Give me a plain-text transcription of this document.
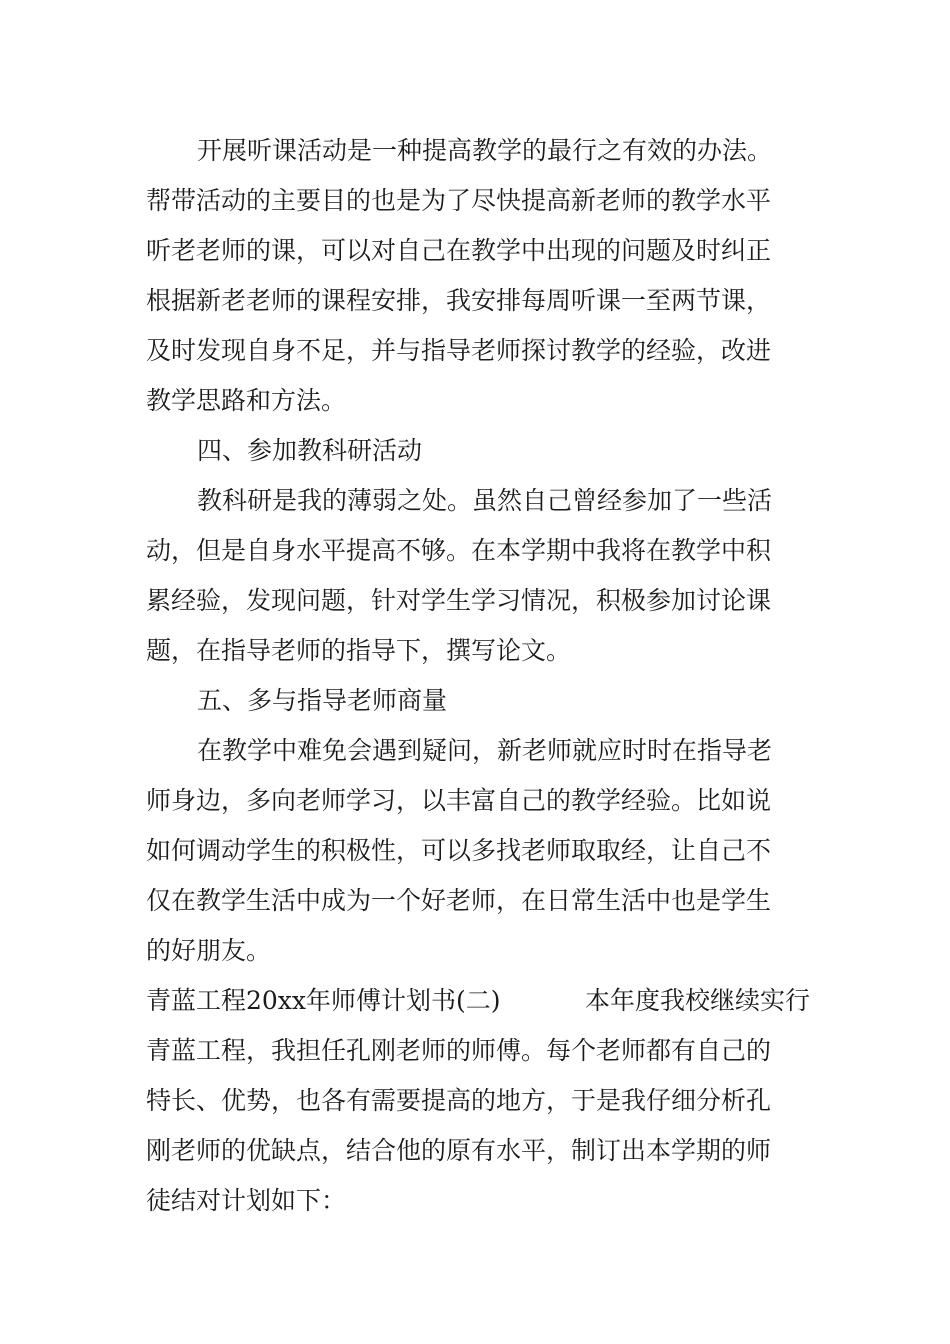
开展听课活动是一种提高教学的最行之有效的办法。
帮带活动的主要目的也是为了尽快提高新老师的教学水平
听老老师的课，可以对自己在教学中出现的问题及时纠正
根据新老老师的课程安排，我安排每周听课一至两节课，
及时发现自身不足，并与指导老师探讨教学的经验，改进
教学思路和方法。
四、参加教科研活动
教科研是我的薄弱之处。虽然自己曾经参加了一些活
动，但是自身水平提高不够。在本学期中我将在教学中积
累经验，发现问题，针对学生学习情况，积极参加讨论课
题，在指导老师的指导下，撰写论文。
五、多与指导老师商量
在教学中难免会遇到疑问，新老师就应时时在指导老
师身边，多向老师学习，以丰富自己的教学经验。比如说
如何调动学生的积极性，可以多找老师取取经，让自己不
仅在教学生活中成为一个好老师，在日常生活中也是学生
的好朋友。
青蓝工程20xx年师傅计划书(二)	本年度我校继续实行
青蓝工程，我担任孔刚老师的师傅。每个老师都有自己的
特长、优势，也各有需要提高的地方，于是我仔细分析孔
刚老师的优缺点，结合他的原有水平，制订出本学期的师
徒结对计划如下：
